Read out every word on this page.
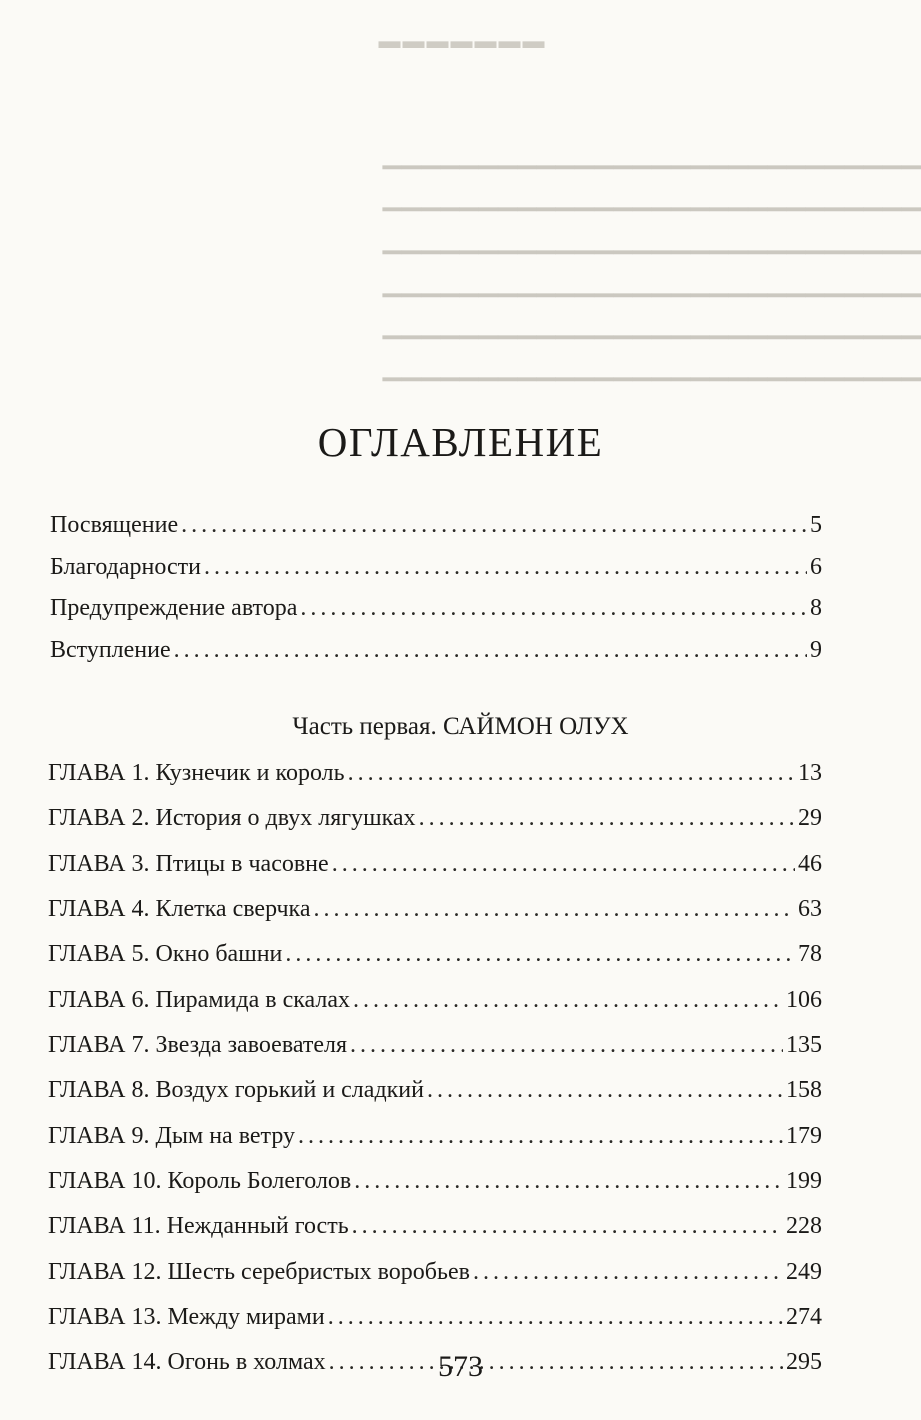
▬▬▬▬▬▬▬
▁▁▁▁▁▁▁▁▁▁▁▁▁▁▁▁▁▁▁▁▁▁▁▁▁▁▁▁
▁▁▁▁▁▁▁▁▁▁▁▁▁▁▁▁▁▁▁▁▁▁▁▁▁▁▁▁
▁▁▁▁▁▁▁▁▁▁▁▁▁▁▁▁▁▁▁▁▁▁▁▁▁▁▁▁
▁▁▁▁▁▁▁▁▁▁▁▁▁▁▁▁▁▁▁▁▁▁▁▁▁▁▁▁
▁▁▁▁▁▁▁▁▁▁▁▁▁▁▁▁▁▁▁▁▁▁▁▁▁▁▁▁
▁▁▁▁▁▁▁▁▁▁▁▁▁▁▁▁▁▁▁▁▁▁▁▁▁▁▁▁
ОГЛАВЛЕНИЕ
Посвящение . . .	5
Благодарности . . .	6
Предупреждение автора . . .	8
Вступление . . .	9
Часть первая. САЙМОН ОЛУХ
ГЛАВА 1. Кузнечик и король . . .	13
ГЛАВА 2. История о двух лягушках . . .	29
ГЛАВА 3. Птицы в часовне . . .	46
ГЛАВА 4. Клетка сверчка . . .	63
ГЛАВА 5. Окно башни . . .	78
ГЛАВА 6. Пирамида в скалах . . .	106
ГЛАВА 7. Звезда завоевателя . . .	135
ГЛАВА 8. Воздух горький и сладкий . . .	158
ГЛАВА 9. Дым на ветру . . .	179
ГЛАВА 10. Король Болеголов . . .	199
ГЛАВА 11. Нежданный гость . . .	228
ГЛАВА 12. Шесть серебристых воробьев . . .	249
ГЛАВА 13. Между мирами . . .	274
ГЛАВА 14. Огонь в холмах . . .	295
573
